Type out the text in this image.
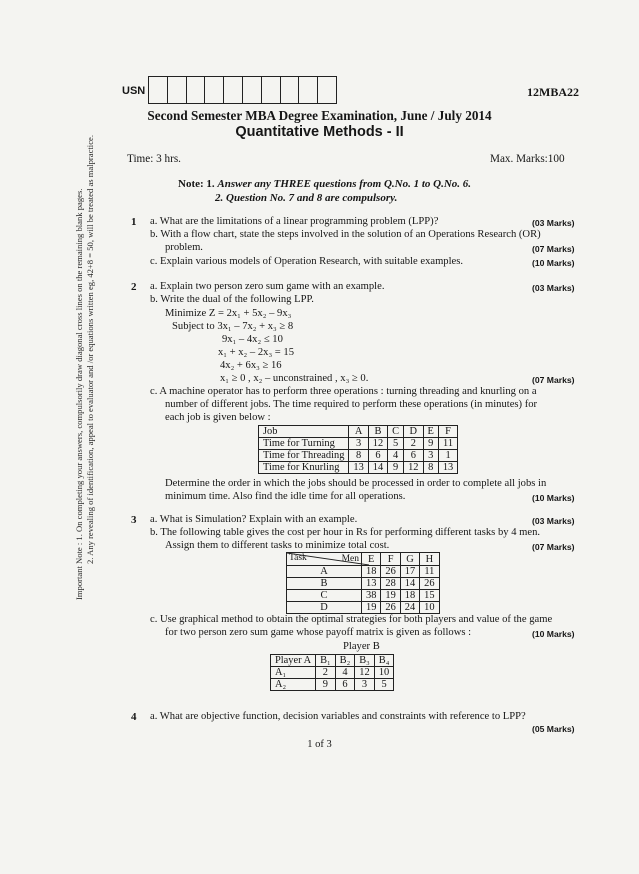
Important Note : 1. On completing your answers, compulsorily draw diagonal cross lines on the remaining blank pages. 2. Any revealing of identification, appeal to evaluator and /or equations written eg, 42+8 = 50, will be treated as malpractice.
USN	12MBA22
Second Semester MBA Degree Examination, June / July 2014
Quantitative Methods - II
Time: 3 hrs.	Max. Marks:100
Note: 1. Answer any THREE questions from Q.No. 1 to Q.No. 6.
2. Question No. 7 and 8 are compulsory.
1 a. What are the limitations of a linear programming problem (LPP)?	(03 Marks)
b. With a flow chart, state the steps involved in the solution of an Operations Research (OR)
problem.	(07 Marks)
c. Explain various models of Operation Research, with suitable examples.	(10 Marks)
2 a. Explain two person zero sum game with an example.	(03 Marks)
b. Write the dual of the following LPP.
Minimize Z = 2x₁ + 5x₂ – 9x₃
Subject to 3x₁ – 7x₂ + x₃ ≥ 8
9x₁ – 4x₂ ≤ 10
x₁ + x₂ – 2x₃ = 15
4x₂ + 6x₃ ≥ 16
x₁ ≥ 0 , x₂ – unconstrained , x₃ ≥ 0.	(07 Marks)
c. A machine operator has to perform three operations : turning threading and knurling on a
number of different jobs. The time required to perform these operations (in minutes) for
each job is given below :
Job	A	B	C	D	E	F
Time for Turning	3	12	5	2	9	11
Time for Threading	8	6	4	6	3	1
Time for Knurling	13	14	9	12	8	13
Determine the order in which the jobs should be processed in order to complete all jobs in
minimum time. Also find the idle time for all operations.	(10 Marks)
3 a. What is Simulation? Explain with an example.	(03 Marks)
b. The following table gives the cost per hour in Rs for performing different tasks by 4 men.
Assign them to different tasks to minimize total cost.	(07 Marks)
Task Men	E	F	G	H
A	18	26	17	11
B	13	28	14	26
C	38	19	18	15
D	19	26	24	10
c. Use graphical method to obtain the optimal strategies for both players and value of the game
for two person zero sum game whose payoff matrix is given as follows :	(10 Marks)
Player B
Player A	B₁	B₂	B₃	B₄
A₁	2	4	12	10
A₂	9	6	3	5
4 a. What are objective function, decision variables and constraints with reference to LPP?
(05 Marks)
1 of 3
